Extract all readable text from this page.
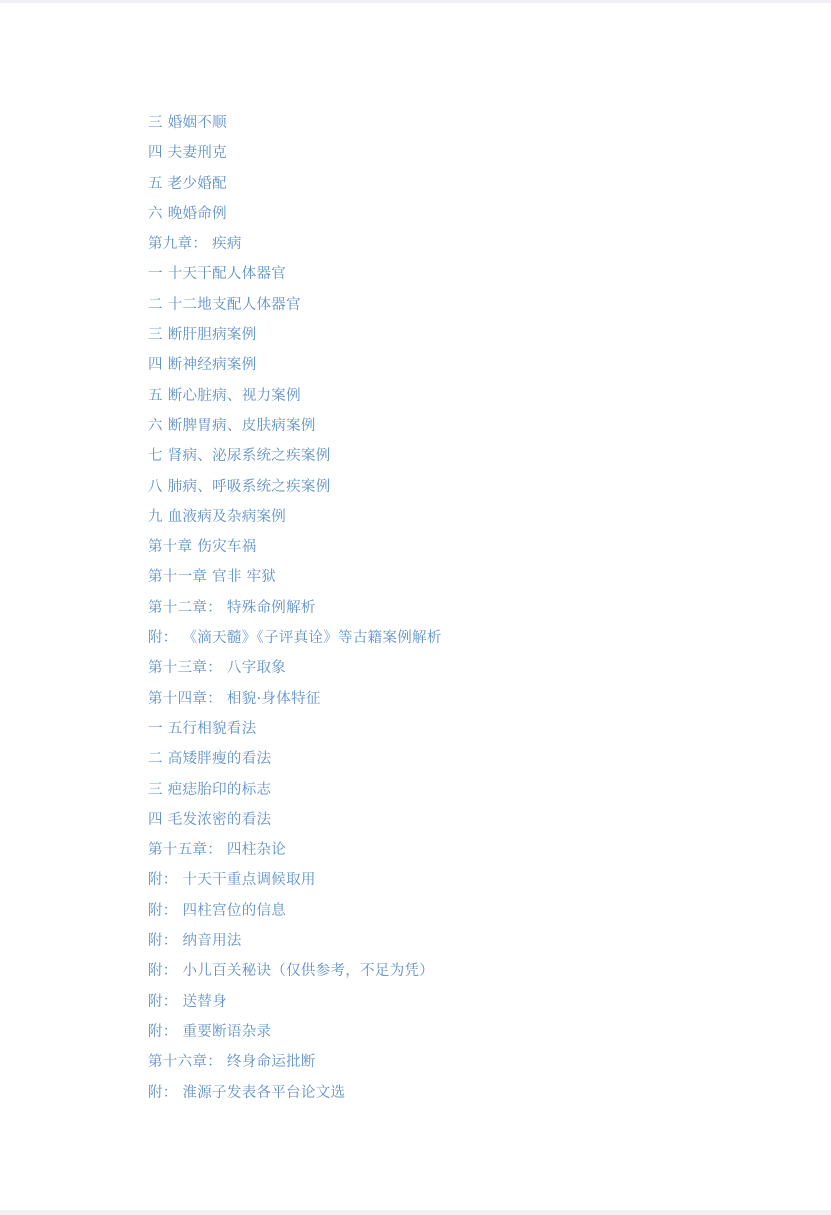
三 婚姻不顺
四 夫妻刑克
五 老少婚配
六 晚婚命例
第九章： 疾病
一 十天干配人体器官
二 十二地支配人体器官
三 断肝胆病案例
四 断神经病案例
五 断心脏病、视力案例
六 断脾胃病、皮肤病案例
七 肾病、泌尿系统之疾案例
八 肺病、呼吸系统之疾案例
九 血液病及杂病案例
第十章 伤灾车祸
第十一章 官非 牢狱
第十二章： 特殊命例解析
附： 《滴天髓》《子评真诠》等古籍案例解析
第十三章： 八字取象
第十四章： 相貌·身体特征
一 五行相貌看法
二 高矮胖瘦的看法
三 疤痣胎印的标志
四 毛发浓密的看法
第十五章： 四柱杂论
附： 十天干重点调候取用
附： 四柱宫位的信息
附： 纳音用法
附： 小儿百关秘诀（仅供参考，不足为凭）
附： 送替身
附： 重要断语杂录
第十六章： 终身命运批断
附： 淮源子发表各平台论文选
